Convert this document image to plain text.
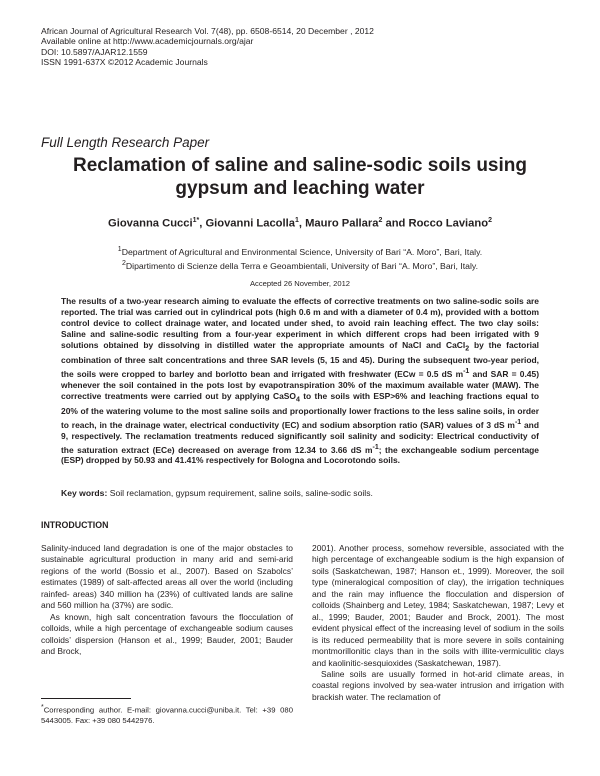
African Journal of Agricultural Research Vol. 7(48), pp. 6508-6514, 20 December , 2012
Available online at http://www.academicjournals.org/ajar
DOI: 10.5897/AJAR12.1559
ISSN 1991-637X ©2012 Academic Journals
Full Length Research Paper
Reclamation of saline and saline-sodic soils using
gypsum and leaching water
Giovanna Cucci$^{1*}$, Giovanni Lacolla$^1$, Mauro Pallara$^2$ and Rocco Laviano$^2$
$^1$Department of Agricultural and Environmental Science, University of Bari “A. Moro”, Bari, Italy.
$^2$Dipartimento di Scienze della Terra e Geoambientali, University of Bari “A. Moro”, Bari, Italy.
Accepted 26 November, 2012
The results of a two-year research aiming to evaluate the effects of corrective treatments on two saline-sodic soils are reported. The trial was carried out in cylindrical pots (high 0.6 m and with a diameter of 0.4 m), provided with a bottom control device to collect drainage water, and located under shed, to avoid rain leaching effect. The two clay soils: Saline and saline-sodic resulting from a four-year experiment in which different crops had been irrigated with 9 solutions obtained by dissolving in distilled water the appropriate amounts of NaCl and CaCl$_2$ by the factorial combination of three salt concentrations and three SAR levels (5, 15 and 45). During the subsequent two-year period, the soils were cropped to barley and borlotto bean and irrigated with freshwater (ECw = 0.5 dS $m^{-1}$ and SAR = 0.45) whenever the soil contained in the pots lost by evapotranspiration 30% of the maximum available water (MAW). The corrective treatments were carried out by applying CaSO$_4$ to the soils with ESP>6% and leaching fractions equal to 20% of the watering volume to the most saline soils and proportionally lower fractions to the less saline soils, in order to reach, in the drainage water, electrical conductivity (EC) and sodium absorption ratio (SAR) values of 3 dS $m^{-1}$ and 9, respectively. The reclamation treatments reduced significantly soil salinity and sodicity: Electrical conductivity of the saturation extract (ECe) decreased on average from 12.34 to 3.66 dS $m^{-1}$; the exchangeable sodium percentage (ESP) dropped by 50.93 and 41.41% respectively for Bologna and Locorotondo soils.
Key words: Soil reclamation, gypsum requirement, saline soils, saline-sodic soils.
INTRODUCTION

Salinity-induced land degradation is one of the major obstacles to sustainable agricultural production in many arid and semi-arid regions of the world (Bossio et al., 2007). Based on Szabolcs’ estimates (1989) of salt-affected areas all over the world (including rainfed- areas) 340 million ha (23%) of cultivated lands are saline and 560 million ha (37%) are sodic.

As known, high salt concentration favours the flocculation of colloids, while a high percentage of exchangeable sodium causes colloids’ dispersion (Hanson et al., 1999; Bauder, 2001; Bauder and Brock,

2001). Another process, somehow reversible, associated with the high percentage of exchangeable sodium is the high expansion of soils (Saskatchewan, 1987; Hanson et., 1999). Moreover, the soil type (mineralogical composition of clay), the irrigation techniques and the rain may influence the flocculation and dispersion of colloids (Shainberg and Letey, 1984; Saskatchewan, 1987; Levy et al., 1999; Bauder, 2001; Bauder and Brock, 2001). The most evident physical effect of the increasing level of sodium in the soils is its reduced permeability that is more severe in soils containing montmorillonitic clays than in the soils with illite-vermiculitic clays and kaolinitic-sesquioxides (Saskatchewan, 1987).

Saline soils are usually formed in hot-arid climate areas, in coastal regions involved by sea-water intrusion and irrigation with brackish water. The reclamation of

*Corresponding author. E-mail: giovanna.cucci@uniba.it. Tel: +39 080 5443005. Fax: +39 080 5442976.
